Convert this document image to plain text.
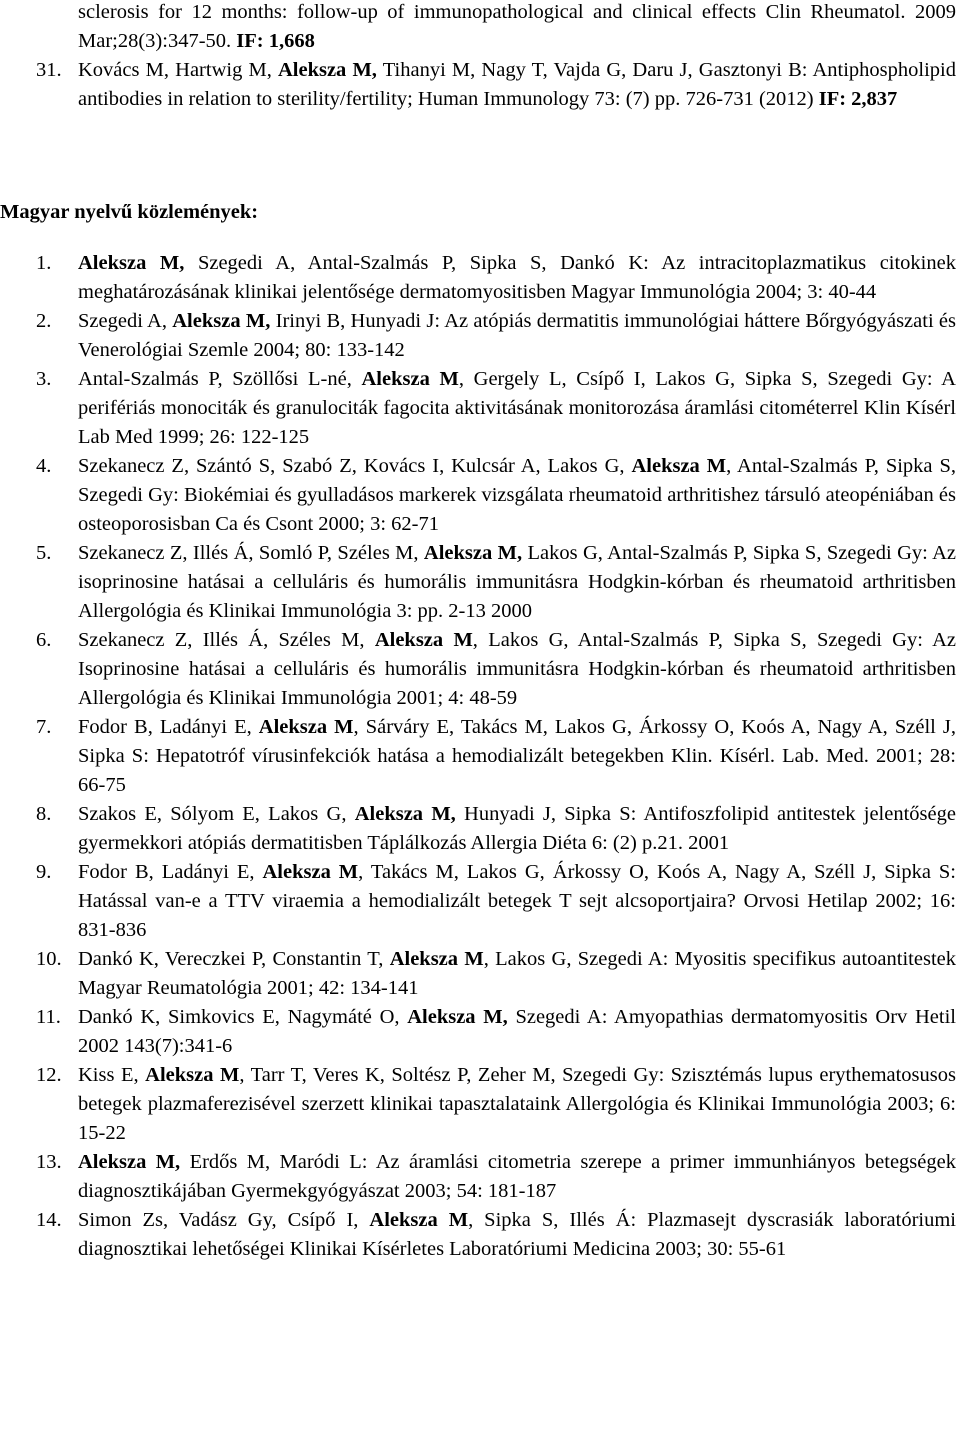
sclerosis for 12 months: follow-up of immunopathological and clinical effects Clin Rheumatol. 2009 Mar;28(3):347-50. IF: 1,668
31. Kovács M, Hartwig M, Aleksza M, Tihanyi M, Nagy T, Vajda G, Daru J, Gasztonyi B: Antiphospholipid antibodies in relation to sterility/fertility; Human Immunology 73: (7) pp. 726-731 (2012) IF: 2,837
Magyar nyelvű közlemények:
1. Aleksza M, Szegedi A, Antal-Szalmás P, Sipka S, Dankó K: Az intracitoplazmatikus citokinek meghatározásának klinikai jelentősége dermatomyositisben Magyar Immunológia 2004; 3: 40-44
2. Szegedi A, Aleksza M, Irinyi B, Hunyadi J: Az atópiás dermatitis immunológiai háttere Bőrgyógyászati és Venerológiai Szemle 2004; 80: 133-142
3. Antal-Szalmás P, Szöllősi L-né, Aleksza M, Gergely L, Csípő I, Lakos G, Sipka S, Szegedi Gy: A perifériás monociták és granulociták fagocita aktivitásának monitorozása áramlási citométerrel Klin Kísérl Lab Med 1999; 26: 122-125
4. Szekanecz Z, Szántó S, Szabó Z, Kovács I, Kulcsár A, Lakos G, Aleksza M, Antal-Szalmás P, Sipka S, Szegedi Gy: Biokémiai és gyulladásos markerek vizsgálata rheumatoid arthritishez társuló ateopéniában és osteoporosisban Ca és Csont 2000; 3: 62-71
5. Szekanecz Z, Illés Á, Somló P, Széles M, Aleksza M, Lakos G, Antal-Szalmás P, Sipka S, Szegedi Gy: Az isoprinosine hatásai a celluláris és humorális immunitásra Hodgkin-kórban és rheumatoid arthritisben Allergológia és Klinikai Immunológia 3: pp. 2-13 2000
6. Szekanecz Z, Illés Á, Széles M, Aleksza M, Lakos G, Antal-Szalmás P, Sipka S, Szegedi Gy: Az Isoprinosine hatásai a celluláris és humorális immunitásra Hodgkin-kórban és rheumatoid arthritisben Allergológia és Klinikai Immunológia 2001; 4: 48-59
7. Fodor B, Ladányi E, Aleksza M, Sárváry E, Takács M, Lakos G, Árkossy O, Koós A, Nagy A, Széll J, Sipka S: Hepatotróf vírusinfekciók hatása a hemodializált betegekben Klin. Kísérl. Lab. Med. 2001; 28: 66-75
8. Szakos E, Sólyom E, Lakos G, Aleksza M, Hunyadi J, Sipka S: Antifoszfolipid antitestek jelentősége gyermekkori atópiás dermatitisben Táplálkozás Allergia Diéta 6: (2) p.21. 2001
9. Fodor B, Ladányi E, Aleksza M, Takács M, Lakos G, Árkossy O, Koós A, Nagy A, Széll J, Sipka S: Hatással van-e a TTV viraemia a hemodializált betegek T sejt alcsoportjaira? Orvosi Hetilap 2002; 16: 831-836
10. Dankó K, Vereczkei P, Constantin T, Aleksza M, Lakos G, Szegedi A: Myositis specifikus autoantitestek Magyar Reumatológia 2001; 42: 134-141
11. Dankó K, Simkovics E, Nagymáté O, Aleksza M, Szegedi A: Amyopathias dermatomyositis Orv Hetil 2002 143(7):341-6
12. Kiss E, Aleksza M, Tarr T, Veres K, Soltész P, Zeher M, Szegedi Gy: Szisztémás lupus erythematosusos betegek plazmaferezisével szerzett klinikai tapasztalataink Allergológia és Klinikai Immunológia 2003; 6: 15-22
13. Aleksza M, Erdős M, Maródi L: Az áramlási citometria szerepe a primer immunhiányos betegségek diagnosztikájában Gyermekgyógyászat 2003; 54: 181-187
14. Simon Zs, Vadász Gy, Csípő I, Aleksza M, Sipka S, Illés Á: Plazmasejt dyscrasiák laboratóriumi diagnosztikai lehetőségei Klinikai Kísérletes Laboratóriumi Medicina 2003; 30: 55-61
